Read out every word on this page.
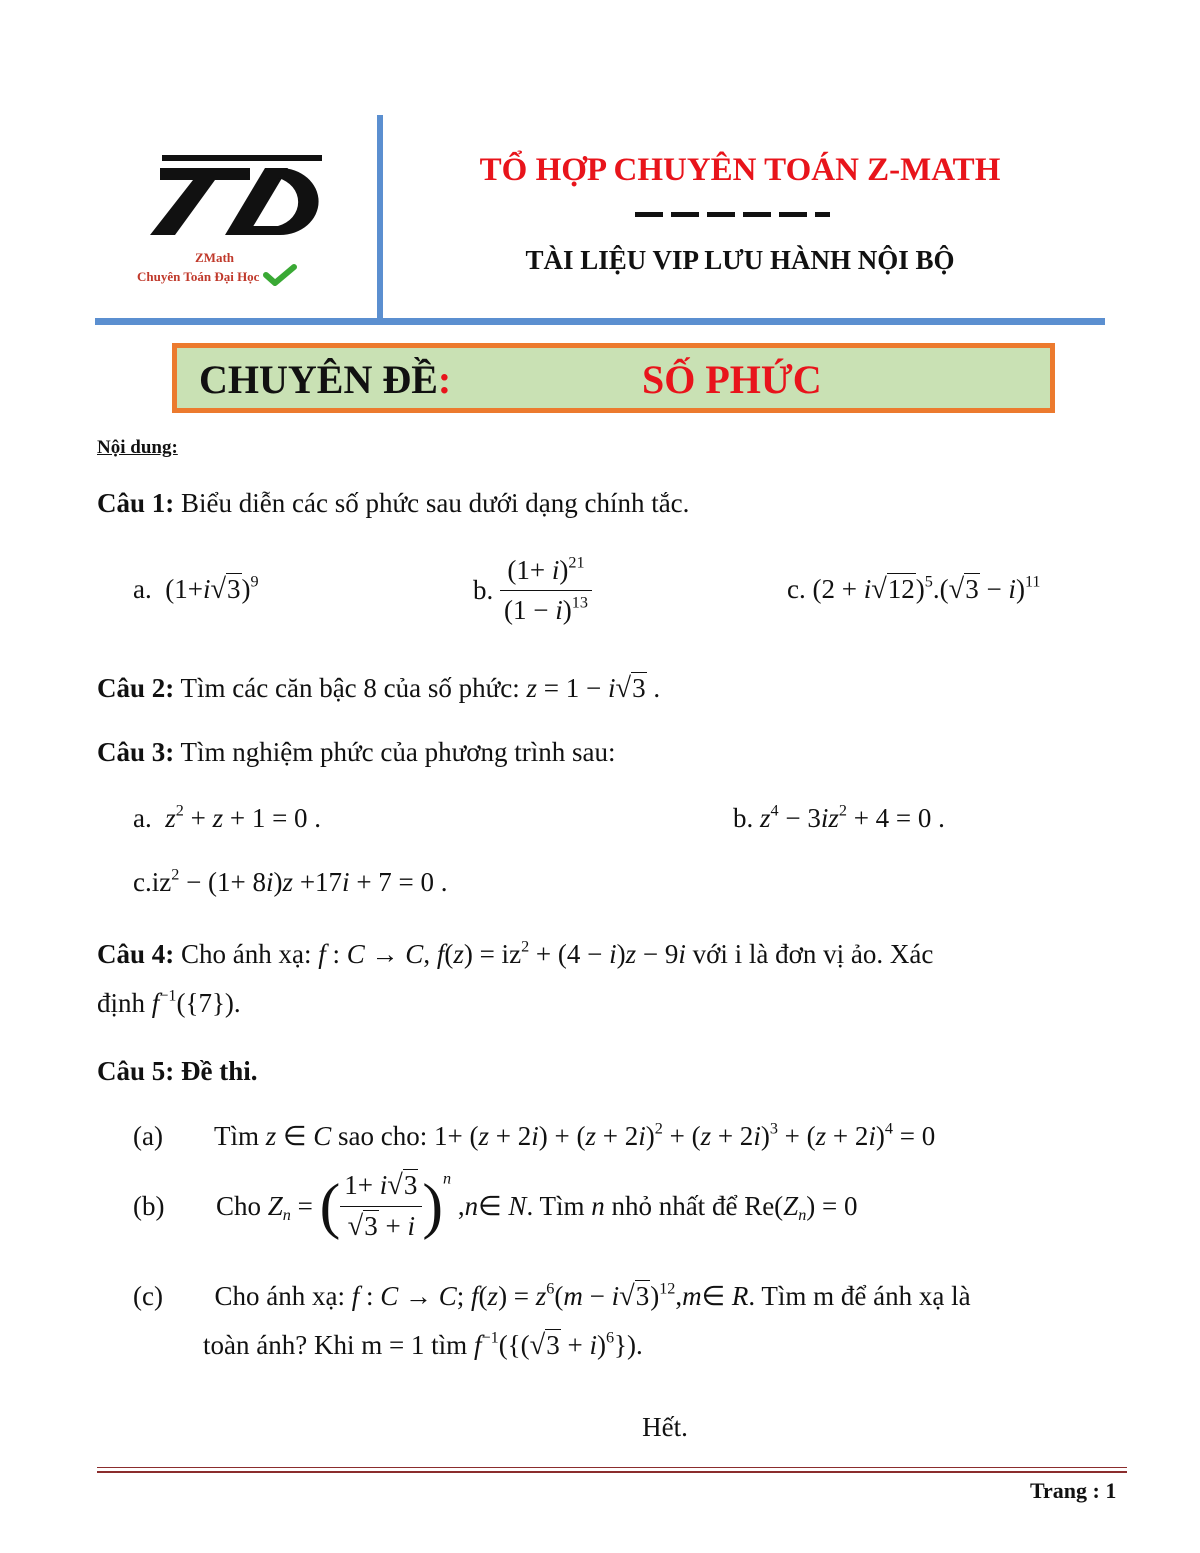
ZMath
Chuyên Toán Đại Học
TỔ HỢP CHUYÊN TOÁN Z-MATH
TÀI LIỆU VIP LƯU HÀNH NỘI BỘ
CHUYÊN ĐỀ:	SỐ PHỨC
Nội dung:
Câu 1: Biểu diễn các số phức sau dưới dạng chính tắc.
a. $(1+i√3)^9$	b. $\frac{(1+ i)^{21}}{(1 - i)^{13}}$	c. $(2 + i√12)^5.(√3 - i)^{11}$
Câu 2: Tìm các căn bậc 8 của số phức: z = 1 − i√3 .
Câu 3: Tìm nghiệm phức của phương trình sau:
a. $z^2 + z + 1 = 0$ .	b. $z^4 - 3iz^2 + 4 = 0$ .
$c.iz^2 - (1+ 8i)z +17i + 7 = 0$ .
Câu 4: Cho ánh xạ: f : C → C, $f(z) = iz^2 + (4 - i)z - 9i$ với i là đơn vị ảo. Xác
định $f^{-1}(\{7\})$.
Câu 5: Đề thi.
(a) Tìm z ∈ C sao cho: $1+ (z + 2i) + (z + 2i)^2 + (z + 2i)^3 + (z + 2i)^4 = 0$
(b) Cho $Z_n$ = ( $\frac{1+ i√3}{√3 + i} )^n$ ,n∈ N. Tìm n nhỏ nhất để $Re(Z_n) = 0$
(c) Cho ánh xạ: f : C → C; $f(z) = z^6(m$ − $i√3)^{12},m\in$ R. Tìm m để ánh xạ là
toàn ánh? Khi m = 1 tìm $f^{-1}(\{(√3 + i)^6\})$.
Hết.
Trang : 1
